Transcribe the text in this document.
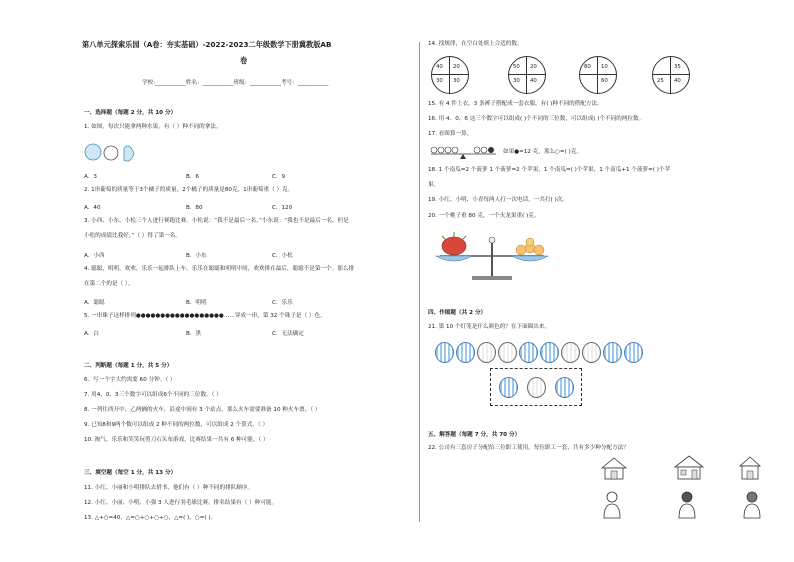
第八单元探索乐园（A卷：夯实基础）-2022-2023二年级数学下册冀教版AB
卷
学校:___________姓名：___________班级：___________考号：___________
一、选择题（每题 2 分，共 10 分）
1. 如图，每次只能拿两种水果，有（ ）种不同的拿法。
A．3	B．6	C．9
2. 1串葡萄的质量等于3个橘子的质量，2个橘子的质量是80克，1串葡萄重（ ）克。
A．40	B．80	C．120
3. 小西、小东、小松三个人进行赛跑比赛。小松说：“我不是最后一名，”小东说：“我也不是最后一名，但是
小松的成绩比我好。”（ ）得了第一名。
A．小西	B．小东	C．小松
4. 聪聪，明明，欢欢，乐乐一起排队上车。乐乐在聪聪和明明中间，欢欢排在最后，聪聪不是第一个。那么排
在第二个的是（ ）。
A．聪聪	B．明明	C．乐乐
5. 一串珠子这样排列●●●●●●●●●●●●●●●●●●……穿成一串，第 32 个珠子是（ ）色。
A．白	B．黑	C．无法确定
二、判断题（每题 1 分，共 5 分）
6．写一个字大约需要 60 分钟。（ ）
7. 用4、0、3三个数字可以组成6个不同的三位数。（ ）
8. 一列往西开中、乙两辆的火车，沿途中间有 3 个站点，那么火车需要准备 10 种火车票。（ ）
9. 已知8和9两个数可以组成 2 种不同的两位数，可以组成 2 个算式。（ ）
10. 淘气、乐乐和笑笑玩剪刀石头布游戏，比赛结果一共有 6 种可能。（ ）
三、填空题（每空 1 分，共 13 分）
11. 小红、小丽和小明排队去借书，他们有（ ）种不同的排队顺序。
12. 小红、小丽、小明、小强 3 人进行羽毛球比赛，排名结果有（ ）种可能。
13. △+○=40，△=○+○+○+○，△=( )，○=( )。
14. 找规律，在空白处填上合适的数。
40 20
30 30
50 20
30 40
80 10
60
35
25 40
15. 有 4 件上衣，3 条裤子搭配成一套衣服，有( )种不同的搭配方法。
16. 用 4、0、6 这三个数字可以组成( )个不同的三位数，可以组成( )个不同的两位数。
17. 看图算一算。
如果●=12 克，那么○=( )克。
18. 1 个南瓜=2 个菠萝 1 个菠萝=2 个苹果，1 个南瓜=( )个苹果，1 个南瓜+1 个菠萝=( )个苹
果。
19. 小红、小明、小青每两人打一次电话，一共打( )次。
20. 一个桃子重 80 克，一个火龙果重( )克。
四、作图题（共 2 分）
21. 第 10 个灯笼是什么颜色的？在下面圈出来。
五、解答题（每题 7 分，共 70 分）
22. 公司有三套房子分配给三位职工使用，每位职工一套，共有多少种分配方法？
